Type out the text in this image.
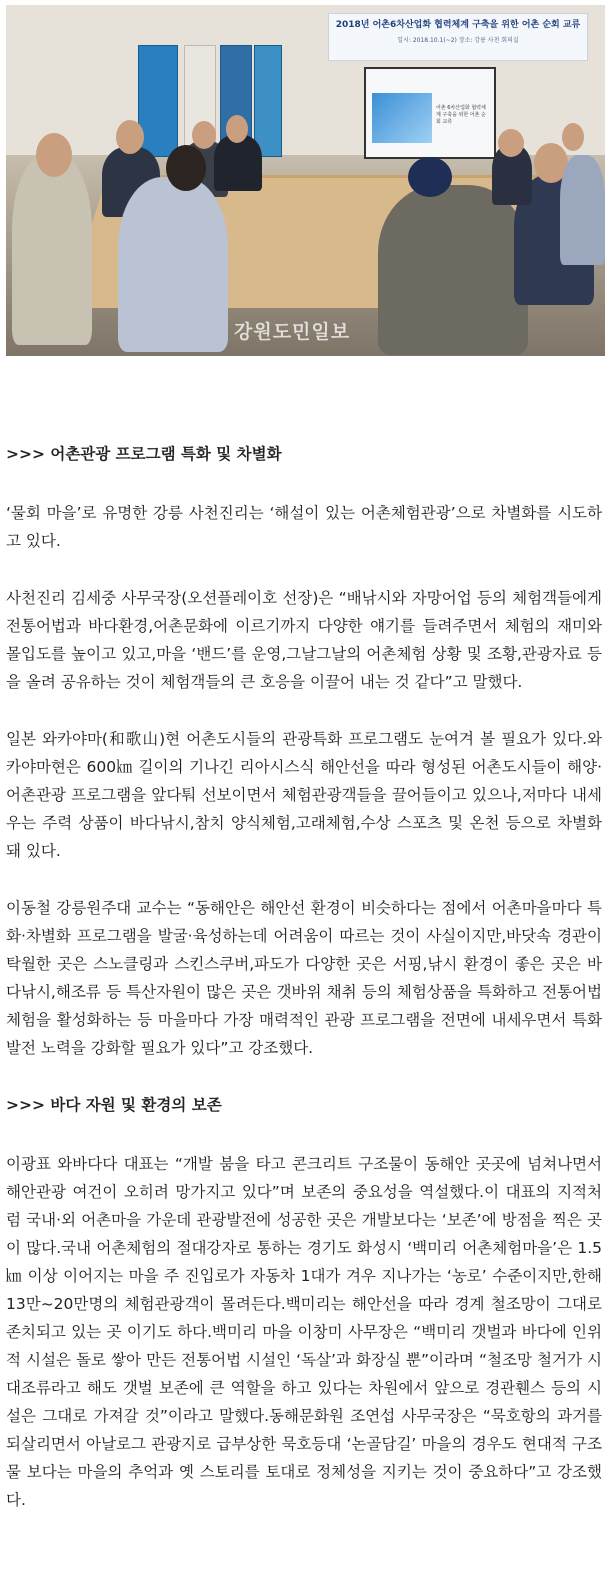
2018년 어촌6차산업화 협력체계 구축을 위한 어촌 순회 교류
일시: 2018.10.1(~2) 장소: 강릉 사천 회의실
어촌 6차산업화 협력체계 구축을 위한 어촌 순회 교류
강원도민일보

>>> 어촌관광 프로그램 특화 및 차별화

‘물회 마을’로 유명한 강릉 사천진리는 ‘해설이 있는 어촌체험관광’으로 차별화를 시도하고 있다.

사천진리 김세중 사무국장(오션플레이호 선장)은 “배낚시와 자망어업 등의 체험객들에게 전통어법과 바다환경,어촌문화에 이르기까지 다양한 얘기를 들려주면서 체험의 재미와 몰입도를 높이고 있고,마을 ‘밴드’를 운영,그날그날의 어촌체험 상황 및 조황,관광자료 등을 올려 공유하는 것이 체험객들의 큰 호응을 이끌어 내는 것 같다”고 말했다.

일본 와카야마(和歌山)현 어촌도시들의 관광특화 프로그램도 눈여겨 볼 필요가 있다.와카야마현은 600㎞ 길이의 기나긴 리아시스식 해안선을 따라 형성된 어촌도시들이 해양·어촌관광 프로그램을 앞다퉈 선보이면서 체험관광객들을 끌어들이고 있으나,저마다 내세우는 주력 상품이 바다낚시,참치 양식체험,고래체험,수상 스포츠 및 온천 등으로 차별화돼 있다.

이동철 강릉원주대 교수는 “동해안은 해안선 환경이 비슷하다는 점에서 어촌마을마다 특화·차별화 프로그램을 발굴·육성하는데 어려움이 따르는 것이 사실이지만,바닷속 경관이 탁월한 곳은 스노클링과 스킨스쿠버,파도가 다양한 곳은 서핑,낚시 환경이 좋은 곳은 바다낚시,해조류 등 특산자원이 많은 곳은 갯바위 채취 등의 체험상품을 특화하고 전통어법 체험을 활성화하는 등 마을마다 가장 매력적인 관광 프로그램을 전면에 내세우면서 특화발전 노력을 강화할 필요가 있다”고 강조했다.

>>> 바다 자원 및 환경의 보존

이광표 와바다다 대표는 “개발 붐을 타고 콘크리트 구조물이 동해안 곳곳에 넘쳐나면서 해안관광 여건이 오히려 망가지고 있다”며 보존의 중요성을 역설했다.이 대표의 지적처럼 국내·외 어촌마을 가운데 관광발전에 성공한 곳은 개발보다는 ‘보존’에 방점을 찍은 곳이 많다.국내 어촌체험의 절대강자로 통하는 경기도 화성시 ‘백미리 어촌체험마을’은 1.5㎞ 이상 이어지는 마을 주 진입로가 자동차 1대가 겨우 지나가는 ‘농로’ 수준이지만,한해 13만~20만명의 체험관광객이 몰려든다.백미리는 해안선을 따라 경계 철조망이 그대로 존치되고 있는 곳 이기도 하다.백미리 마을 이창미 사무장은 “백미리 갯벌과 바다에 인위적 시설은 돌로 쌓아 만든 전통어법 시설인 ‘독살’과 화장실 뿐”이라며 “철조망 철거가 시대조류라고 해도 갯벌 보존에 큰 역할을 하고 있다는 차원에서 앞으로 경관휀스 등의 시설은 그대로 가져갈 것”이라고 말했다.동해문화원 조연섭 사무국장은 “묵호항의 과거를 되살리면서 아날로그 관광지로 급부상한 묵호등대 ‘논골담길’ 마을의 경우도 현대적 구조물 보다는 마을의 추억과 옛 스토리를 토대로 정체성을 지키는 것이 중요하다”고 강조했다.
